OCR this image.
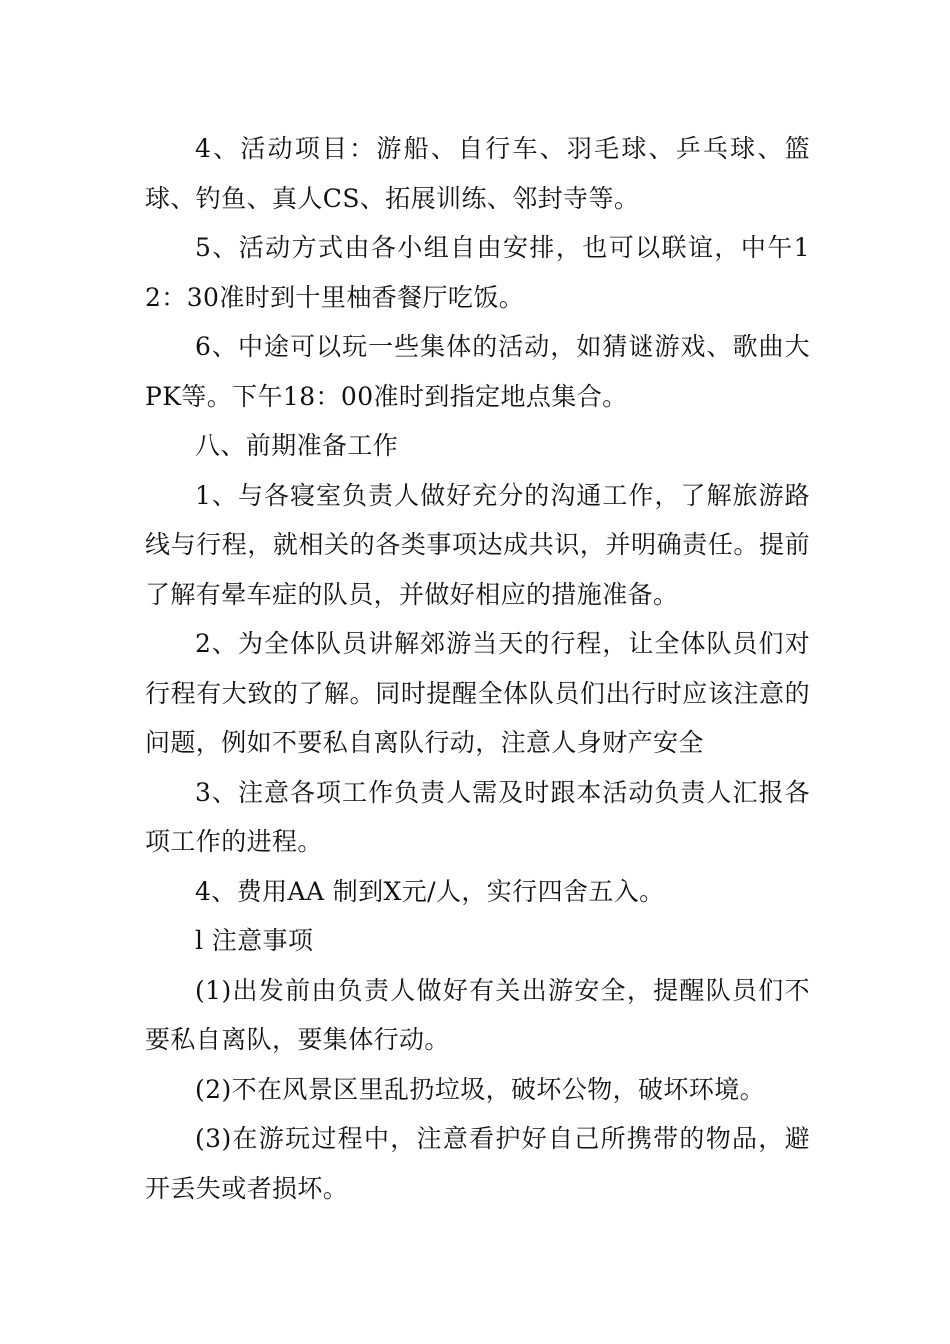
4、活动项目：游船、自行车、羽毛球、乒乓球、篮球、钓鱼、真人CS、拓展训练、邻封寺等。

5、活动方式由各小组自由安排，也可以联谊，中午12：30准时到十里柚香餐厅吃饭。

6、中途可以玩一些集体的活动，如猜谜游戏、歌曲大PK等。下午18：00准时到指定地点集合。

八、前期准备工作

1、与各寝室负责人做好充分的沟通工作，了解旅游路线与行程，就相关的各类事项达成共识，并明确责任。提前了解有晕车症的队员，并做好相应的措施准备。

2、为全体队员讲解郊游当天的行程，让全体队员们对行程有大致的了解。同时提醒全体队员们出行时应该注意的问题，例如不要私自离队行动，注意人身财产安全

3、注意各项工作负责人需及时跟本活动负责人汇报各项工作的进程。

4、费用AA 制到X元/人，实行四舍五入。

l 注意事项

(1)出发前由负责人做好有关出游安全，提醒队员们不要私自离队，要集体行动。

(2)不在风景区里乱扔垃圾，破坏公物，破坏环境。

(3)在游玩过程中，注意看护好自己所携带的物品，避开丢失或者损坏。
